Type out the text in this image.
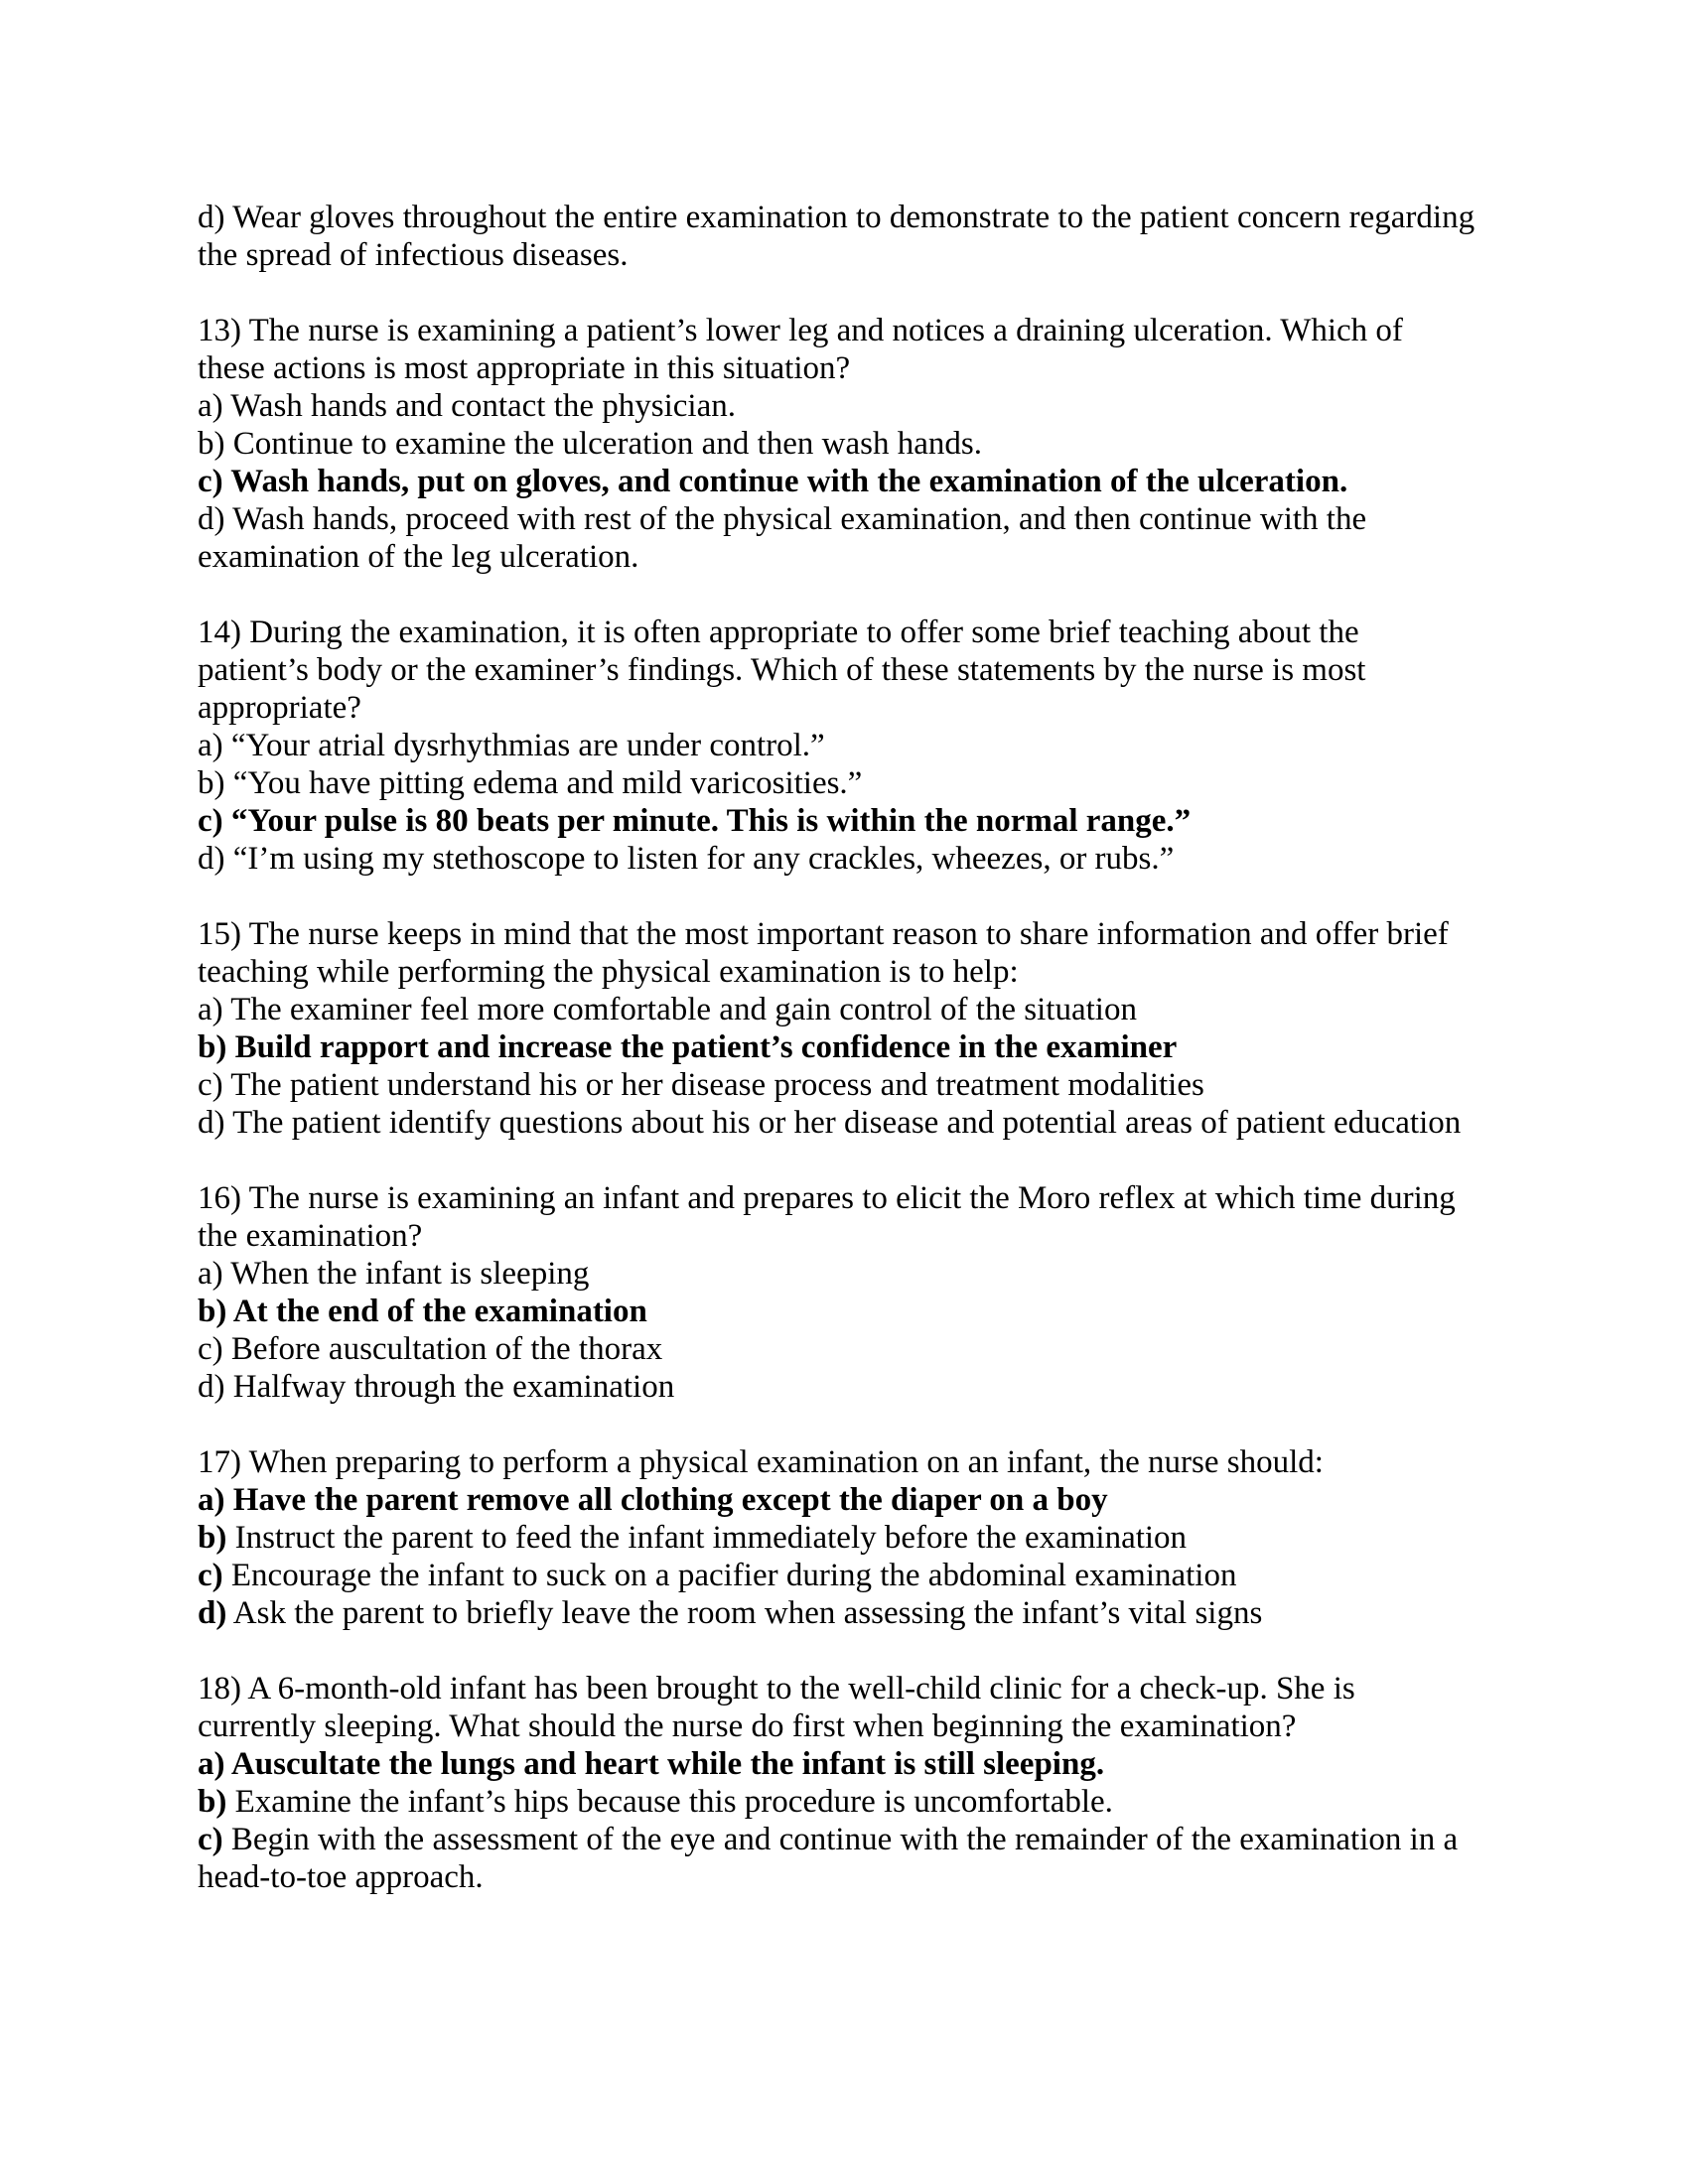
d) Wear gloves throughout the entire examination to demonstrate to the patient concern regarding
the spread of infectious diseases.
13) The nurse is examining a patient’s lower leg and notices a draining ulceration. Which of
these actions is most appropriate in this situation?
a) Wash hands and contact the physician.
b) Continue to examine the ulceration and then wash hands.
c) Wash hands, put on gloves, and continue with the examination of the ulceration.
d) Wash hands, proceed with rest of the physical examination, and then continue with the
examination of the leg ulceration.
14) During the examination, it is often appropriate to offer some brief teaching about the
patient’s body or the examiner’s findings. Which of these statements by the nurse is most
appropriate?
a) “Your atrial dysrhythmias are under control.”
b) “You have pitting edema and mild varicosities.”
c) “Your pulse is 80 beats per minute. This is within the normal range.”
d) “I’m using my stethoscope to listen for any crackles, wheezes, or rubs.”
15) The nurse keeps in mind that the most important reason to share information and offer brief
teaching while performing the physical examination is to help:
a) The examiner feel more comfortable and gain control of the situation
b) Build rapport and increase the patient’s confidence in the examiner
c) The patient understand his or her disease process and treatment modalities
d) The patient identify questions about his or her disease and potential areas of patient education
16) The nurse is examining an infant and prepares to elicit the Moro reflex at which time during
the examination?
a) When the infant is sleeping
b) At the end of the examination
c) Before auscultation of the thorax
d) Halfway through the examination
17) When preparing to perform a physical examination on an infant, the nurse should:
a) Have the parent remove all clothing except the diaper on a boy
b) Instruct the parent to feed the infant immediately before the examination
c) Encourage the infant to suck on a pacifier during the abdominal examination
d) Ask the parent to briefly leave the room when assessing the infant’s vital signs
18) A 6-month-old infant has been brought to the well-child clinic for a check-up. She is
currently sleeping. What should the nurse do first when beginning the examination?
a) Auscultate the lungs and heart while the infant is still sleeping.
b) Examine the infant’s hips because this procedure is uncomfortable.
c) Begin with the assessment of the eye and continue with the remainder of the examination in a
head-to-toe approach.
